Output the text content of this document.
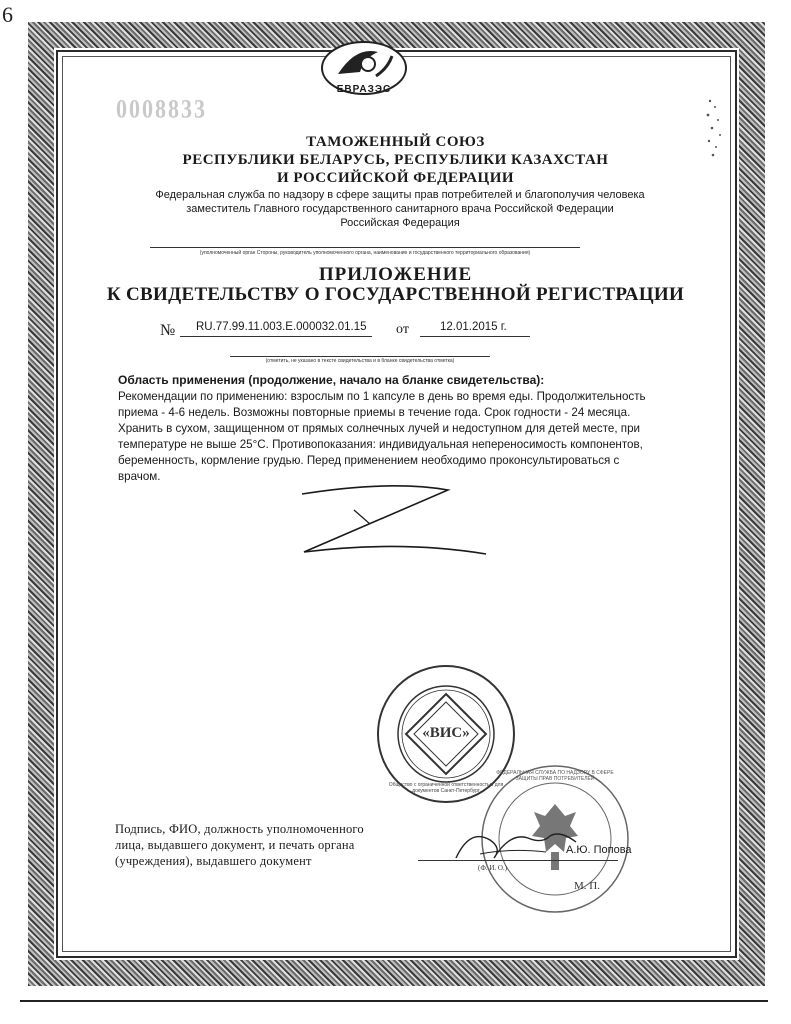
6
ЕВРАЗЭС
0008833
ТАМОЖЕННЫЙ СОЮЗ
РЕСПУБЛИКИ БЕЛАРУСЬ, РЕСПУБЛИКИ КАЗАХСТАН
И РОССИЙСКОЙ ФЕДЕРАЦИИ
Федеральная служба по надзору в сфере защиты прав потребителей и благополучия человека
заместитель Главного государственного санитарного врача Российской Федерации
Российская Федерация
(уполномоченный орган Стороны, руководитель уполномоченного органа, наименование и государственного территориального образования)
ПРИЛОЖЕНИЕ
К СВИДЕТЕЛЬСТВУ О ГОСУДАРСТВЕННОЙ РЕГИСТРАЦИИ
№ RU.77.99.11.003.E.000032.01.15 от	12.01.2015 г.
(отметить, не указано в тексте свидетельства и в бланке свидетельства отметка)
Область применения (продолжение, начало на бланке свидетельства):
Рекомендации по применению: взрослым по 1 капсуле в день во время еды. Продолжительность
приема - 4-6 недель. Возможны повторные приемы в течение года. Срок годности - 24 месяца.
Хранить в сухом, защищенном от прямых солнечных лучей и недоступном для детей месте, при
температуре не выше 25°С. Противопоказания: индивидуальная непереносимость компонентов,
беременность, кормление грудью. Перед применением необходимо проконсультироваться с
врачом.
«ВИС»
Общество с ограниченной ответственностью для документов Санкт-Петербург
ФЕДЕРАЛЬНАЯ СЛУЖБА ПО НАДЗОРУ В СФЕРЕ ЗАЩИТЫ ПРАВ ПОТРЕБИТЕЛЕЙ
Подпись, ФИО, должность уполномоченного
лица, выдавшего документ, и печать органа
(учреждения), выдавшего документ
А.Ю. Попова
(Ф. И. О.)
М. П.
